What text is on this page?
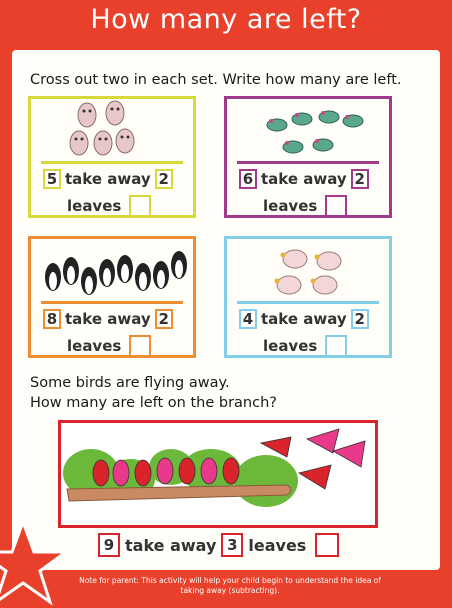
How many are left?
Cross out two in each set. Write how many are left.
5 take away 2
leaves
6 take away 2
leaves
8 take away 2
leaves
4 take away 2
leaves
Some birds are flying away.
How many are left on the branch?
9 take away 3 leaves
Note for parent: This activity will help your child begin to understand the idea of
taking away (subtracting).
